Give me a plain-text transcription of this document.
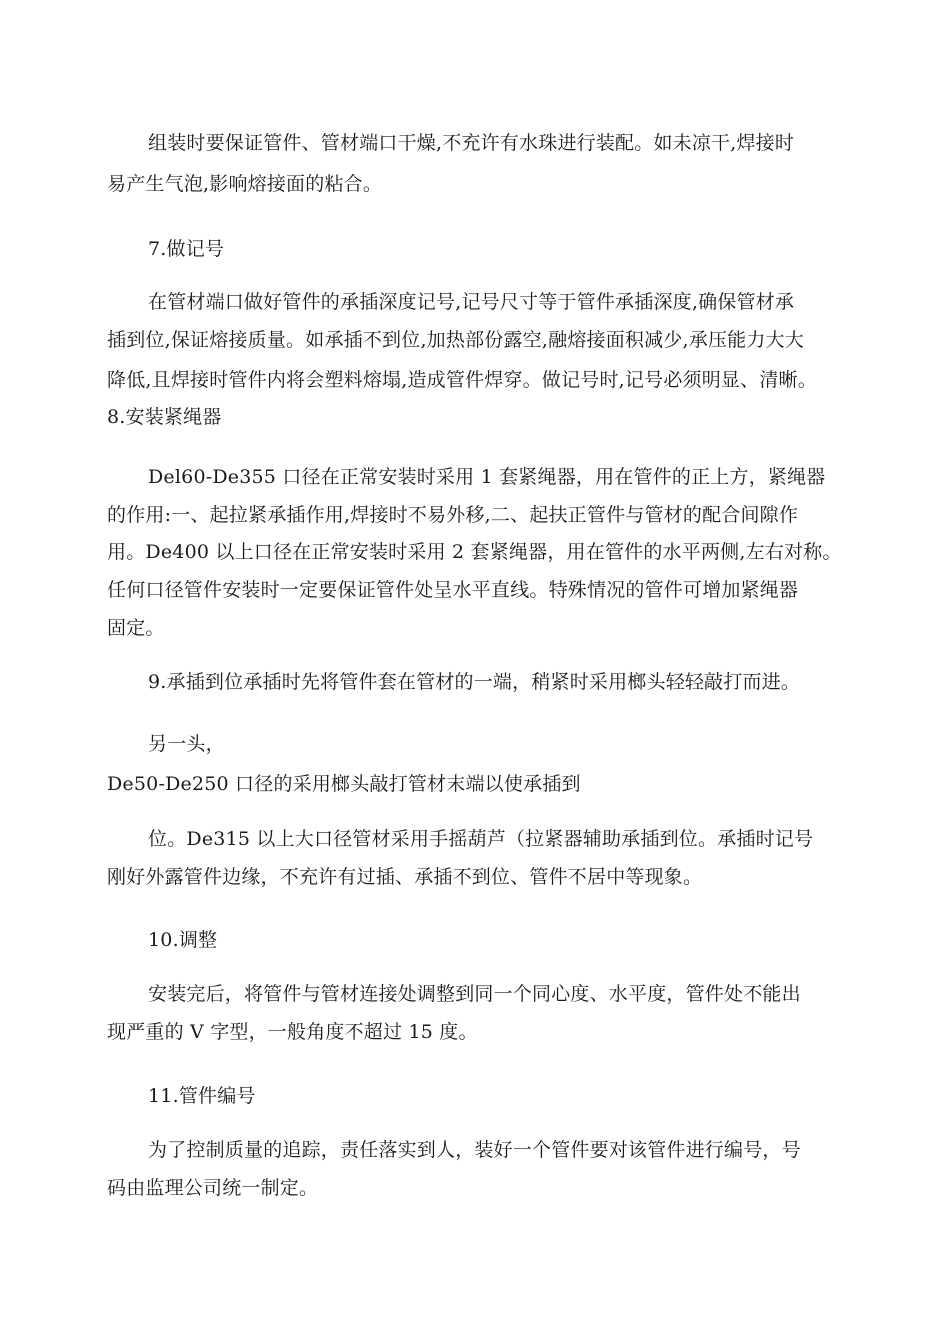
组装时要保证管件、管材端口干燥,不充许有水珠进行装配。如未凉干,焊接时
易产生气泡,影响熔接面的粘合。
7.做记号
在管材端口做好管件的承插深度记号,记号尺寸等于管件承插深度,确保管材承
插到位,保证熔接质量。如承插不到位,加热部份露空,融熔接面积减少,承压能力大大
降低,且焊接时管件内将会塑料熔塌,造成管件焊穿。做记号时,记号必须明显、清晰。
8.安装紧绳器
Del60-De355 口径在正常安装时采用 1 套紧绳器，用在管件的正上方，紧绳器
的作用:一、起拉紧承插作用,焊接时不易外移,二、起扶正管件与管材的配合间隙作
用。De400 以上口径在正常安装时采用 2 套紧绳器，用在管件的水平两侧,左右对称。
任何口径管件安装时一定要保证管件处呈水平直线。特殊情况的管件可增加紧绳器
固定。
9.承插到位承插时先将管件套在管材的一端，稍紧时采用榔头轻轻敲打而进。
另一头，
De50-De250 口径的采用榔头敲打管材末端以使承插到
位。De315 以上大口径管材采用手摇葫芦（拉紧器辅助承插到位。承插时记号
刚好外露管件边缘，不充许有过插、承插不到位、管件不居中等现象。
10.调整
安装完后，将管件与管材连接处调整到同一个同心度、水平度，管件处不能出
现严重的 V 字型，一般角度不超过 15 度。
11.管件编号
为了控制质量的追踪，责任落实到人，装好一个管件要对该管件进行编号，号
码由监理公司统一制定。
